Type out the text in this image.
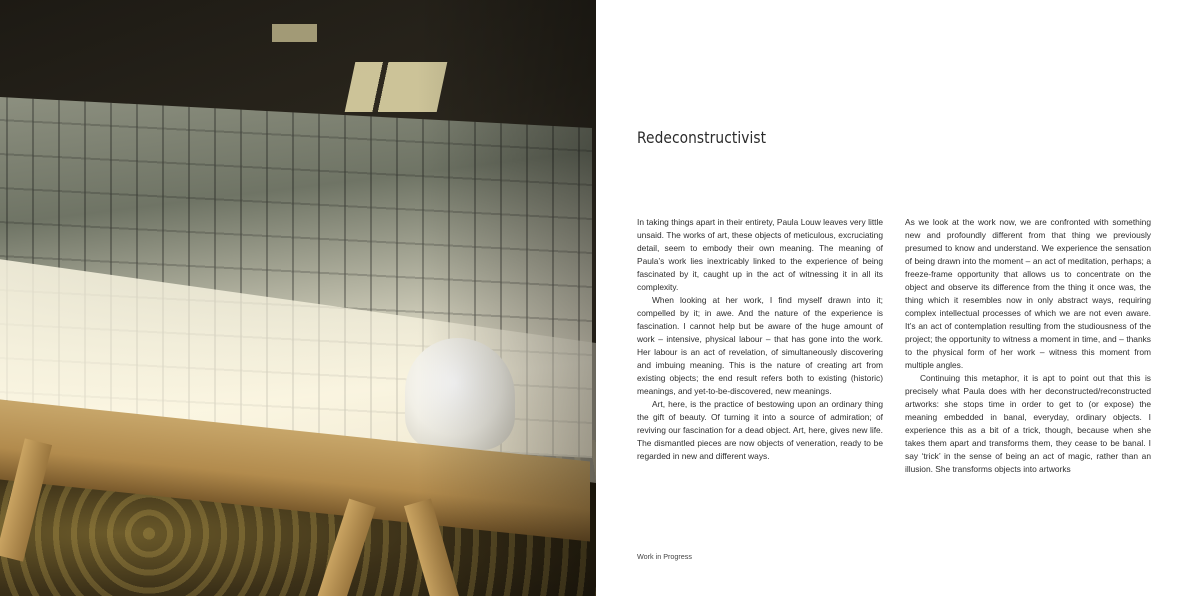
Redeconstructivist

In taking things apart in their entirety, Paula Louw leaves very little unsaid. The works of art, these objects of meticulous, excruciating detail, seem to embody their own meaning. The meaning of Paula’s work lies inextricably linked to the experience of being fascinated by it, caught up in the act of witnessing it in all its complexity.

When looking at her work, I find myself drawn into it; compelled by it; in awe. And the nature of the experience is fascination. I cannot help but be aware of the huge amount of work – intensive, physical labour – that has gone into the work. Her labour is an act of revelation, of simultaneously discovering and imbuing meaning. This is the nature of creating art from existing objects; the end result refers both to existing (historic) meanings, and yet-to-be-discovered, new meanings.

Art, here, is the practice of bestowing upon an ordinary thing the gift of beauty. Of turning it into a source of admiration; of reviving our fascination for a dead object. Art, here, gives new life. The dismantled pieces are now objects of veneration, ready to be regarded in new and different ways.

As we look at the work now, we are confronted with something new and profoundly different from that thing we previously presumed to know and understand. We experience the sensation of being drawn into the moment – an act of meditation, perhaps; a freeze-frame opportunity that allows us to concentrate on the object and observe its difference from the thing it once was, the thing which it resembles now in only abstract ways, requiring complex intellectual processes of which we are not even aware. It’s an act of contemplation resulting from the studiousness of the project; the opportunity to witness a moment in time, and – thanks to the physical form of her work – witness this moment from multiple angles.

Continuing this metaphor, it is apt to point out that this is precisely what Paula does with her deconstructed/reconstructed artworks: she stops time in order to get to (or expose) the meaning embedded in banal, everyday, ordinary objects. I experience this as a bit of a trick, though, because when she takes them apart and transforms them, they cease to be banal. I say ‘trick’ in the sense of being an act of magic, rather than an illusion. She transforms objects into artworks

Work in Progress
